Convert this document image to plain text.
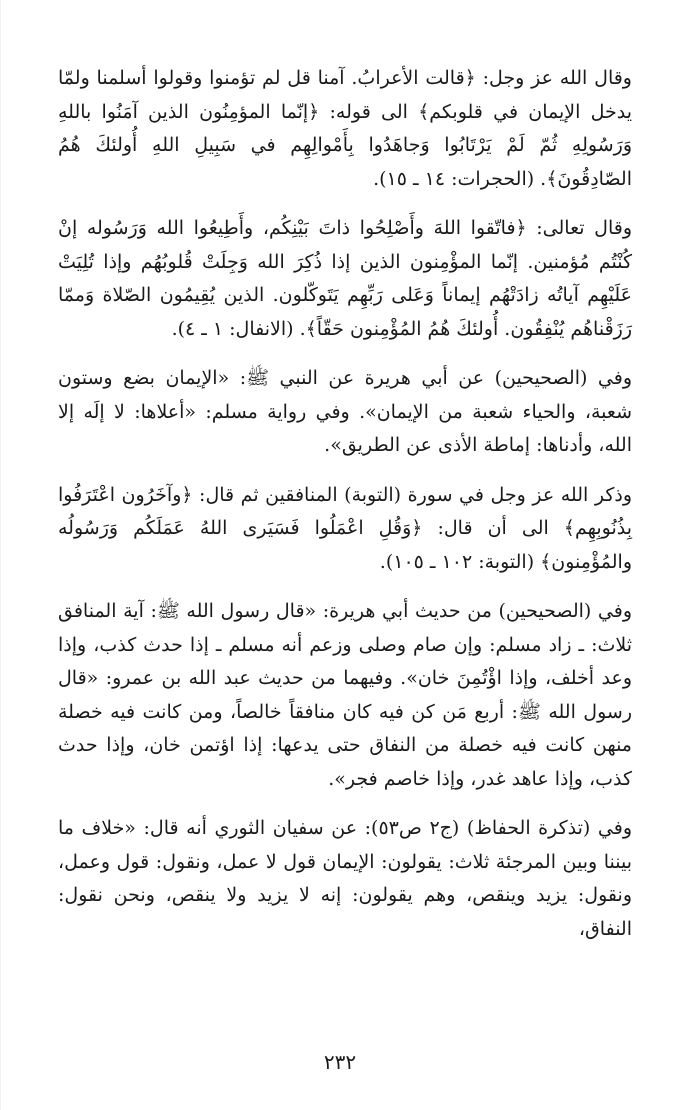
وقال الله عز وجل: ﴿قالت الأعرابُ. آمنا قل لم تؤمنوا وقولوا أسلمنا ولمّا يدخل الإيمان في قلوبكم﴾ الى قوله: ﴿إنّما المؤمِنُون الذين آمَنُوا باللهِ وَرَسُولِهِ ثُمّ لَمْ يَرْتَابُوا وَجاهَدُوا بِأَمْوالِهِم في سَبِيلِ اللهِ أُولئكَ هُمُ الصّادِقُونَ﴾. (الحجرات: ١٤ ـ ١٥).

وقال تعالى: ﴿فاتّقوا اللهَ وأَصْلِحُوا ذاتَ بَيْنِكُم، وأَطِيعُوا الله وَرَسُوله إنْ كُنْتُم مُؤمنين. إنّما المؤْمِنون الذين إذا ذُكِرَ الله وَجِلَتْ قُلوبُهُم وإذا تُلِيَتْ عَلَيْهِم آياتُه زادَتْهُم إيماناً وَعَلى رَبِّهِم يَتَوكّلون. الذين يُقِيمُون الصّلاة وَممّا رَزَقْناهُم يُنْفِقُون. أُولئكَ هُمُ المُؤْمِنون حَقّاً﴾. (الانفال: ١ ـ ٤).

وفي (الصحيحين) عن أبي هريرة عن النبي ﷺ: «الإيمان بضع وستون شعبة، والحياء شعبة من الإيمان». وفي رواية مسلم: «أعلاها: لا إلَه إلا الله، وأدناها: إماطة الأذى عن الطريق».

وذكر الله عز وجل في سورة (التوبة) المنافقين ثم قال: ﴿وآخَرُون اعْتَرَفُوا بِذُنُوبِهِم﴾ الى أن قال: ﴿وَقُلِ اعْمَلُوا فَسَيَرى اللهُ عَمَلَكُم وَرَسُولُه والمُؤْمِنون﴾ (التوبة: ١٠٢ ـ ١٠٥).

وفي (الصحيحين) من حديث أبي هريرة: «قال رسول الله ﷺ: آية المنافق ثلاث: ـ زاد مسلم: وإن صام وصلى وزعم أنه مسلم ـ إذا حدث كذب، وإذا وعد أخلف، وإذا اؤْتُمِنَ خان». وفيهما من حديث عبد الله بن عمرو: «قال رسول الله ﷺ: أربع مَن كن فيه كان منافقاً خالصاً، ومن كانت فيه خصلة منهن كانت فيه خصلة من النفاق حتى يدعها: إذا اؤتمن خان، وإذا حدث كذب، وإذا عاهد غدر، وإذا خاصم فجر».

وفي (تذكرة الحفاظ) (ج٢ ص٥٣): عن سفيان الثوري أنه قال: «خلاف ما بيننا وبين المرجئة ثلاث: يقولون: الإيمان قول لا عمل، ونقول: قول وعمل، ونقول: يزيد وينقص، وهم يقولون: إنه لا يزيد ولا ينقص، ونحن نقول: النفاق،

٢٣٢
